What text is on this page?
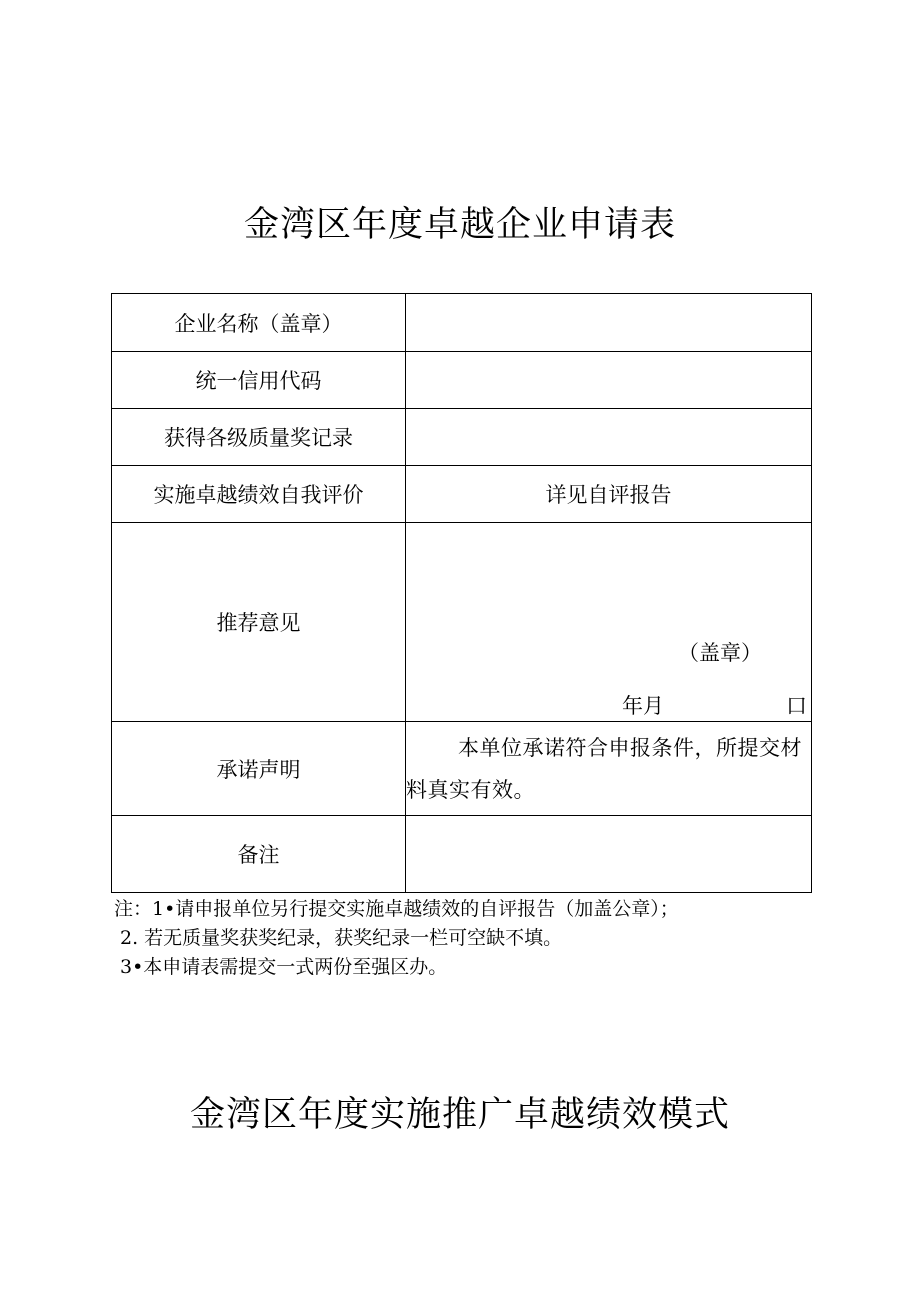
金湾区年度卓越企业申请表
企业名称（盖章）	
统一信用代码	
获得各级质量奖记录	
实施卓越绩效自我评价	详见自评报告
推荐意见	（盖章）
年月 口

承诺声明	本单位承诺符合申报条件，所提交材料真实有效。

备注	
注：1•请申报单位另行提交实施卓越绩效的自评报告（加盖公章）；
2. 若无质量奖获奖纪录，获奖纪录一栏可空缺不填。
3•本申请表需提交一式两份至强区办。
金湾区年度实施推广卓越绩效模式
